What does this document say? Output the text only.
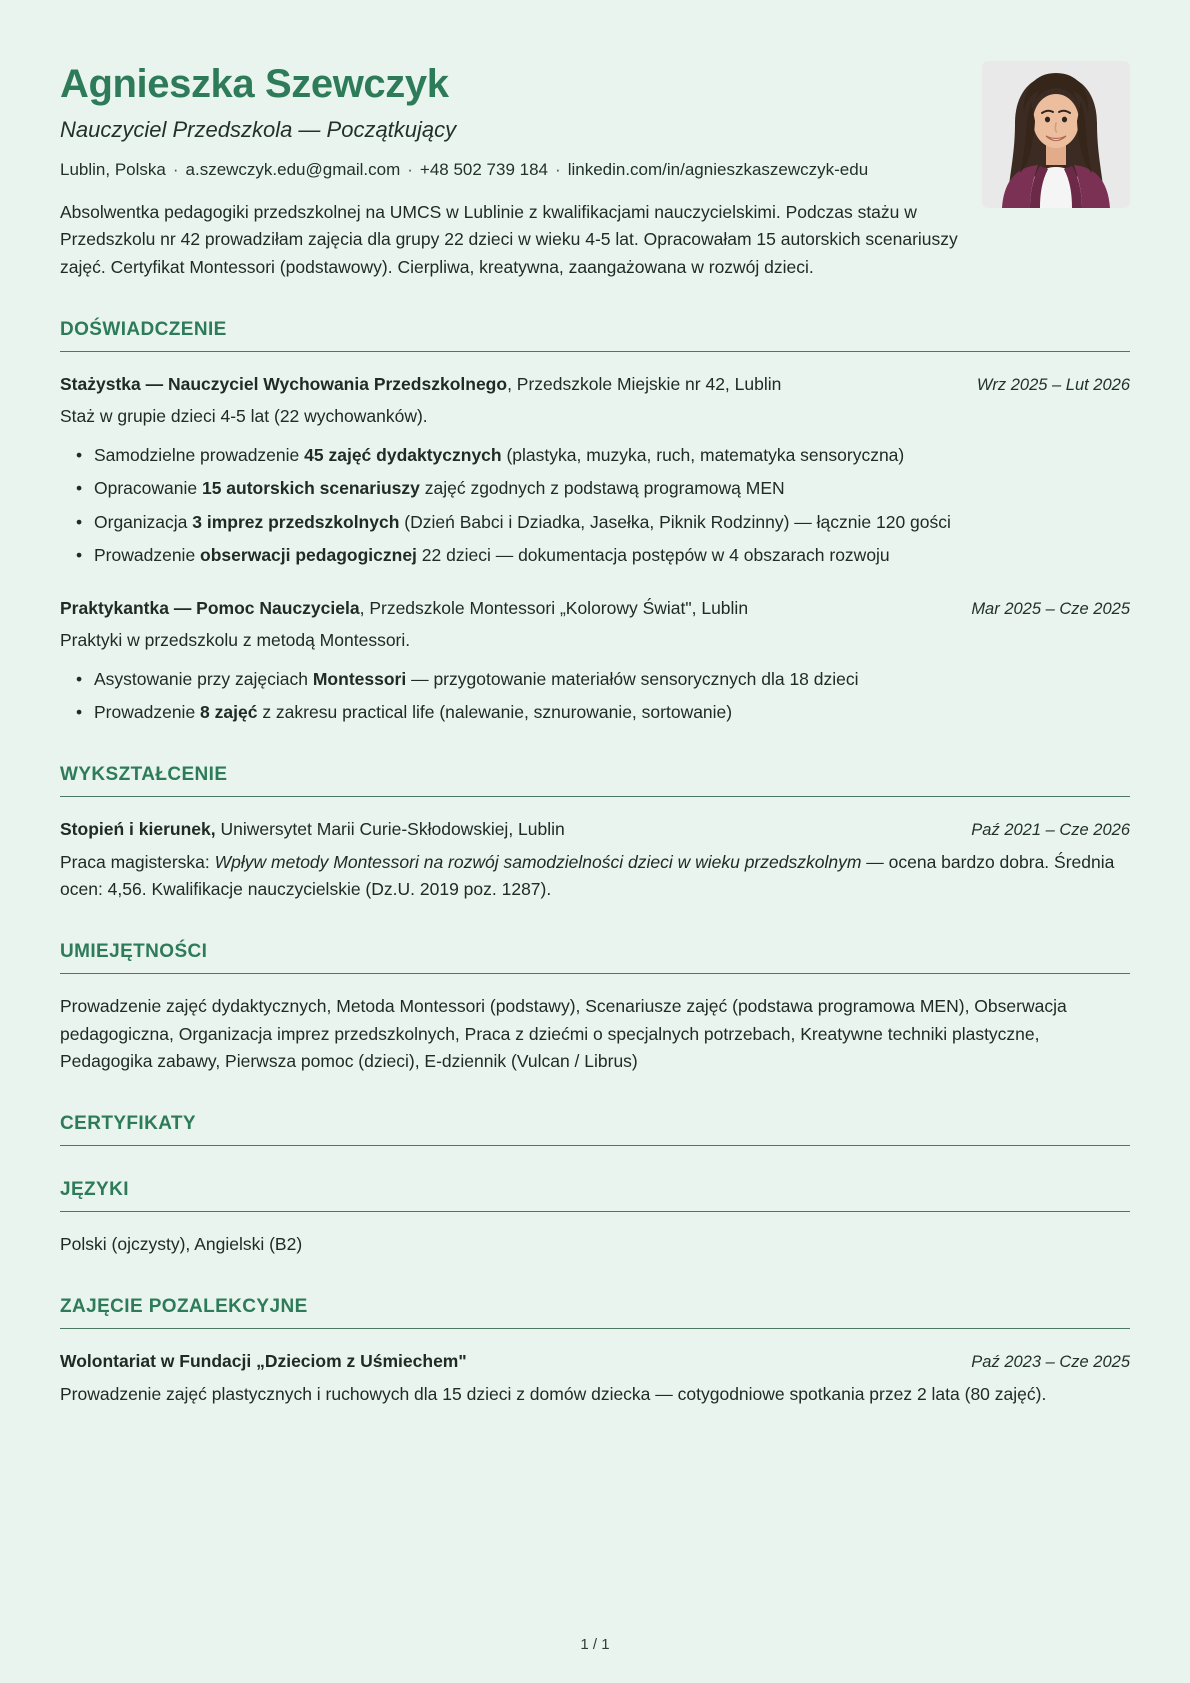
Agnieszka Szewczyk

Nauczyciel Przedszkola — Początkujący

Lublin, Polska · a.szewczyk.edu@gmail.com · +48 502 739 184 · linkedin.com/in/agnieszkaszewczyk-edu

Absolwentka pedagogiki przedszkolnej na UMCS w Lublinie z kwalifikacjami nauczycielskimi. Podczas stażu w Przedszkolu nr 42 prowadziłam zajęcia dla grupy 22 dzieci w wieku 4-5 lat. Opracowałam 15 autorskich scenariuszy zajęć. Certyfikat Montessori (podstawowy). Cierpliwa, kreatywna, zaangażowana w rozwój dzieci.

DOŚWIADCZENIE

Stażystka — Nauczyciel Wychowania Przedszkolnego, Przedszkole Miejskie nr 42, Lublin	Wrz 2025 – Lut 2026

Staż w grupie dzieci 4-5 lat (22 wychowanków).

• Samodzielne prowadzenie 45 zajęć dydaktycznych (plastyka, muzyka, ruch, matematyka sensoryczna)
• Opracowanie 15 autorskich scenariuszy zajęć zgodnych z podstawą programową MEN
• Organizacja 3 imprez przedszkolnych (Dzień Babci i Dziadka, Jasełka, Piknik Rodzinny) — łącznie 120 gości
• Prowadzenie obserwacji pedagogicznej 22 dzieci — dokumentacja postępów w 4 obszarach rozwoju

Praktykantka — Pomoc Nauczyciela, Przedszkole Montessori „Kolorowy Świat", Lublin	Mar 2025 – Cze 2025

Praktyki w przedszkolu z metodą Montessori.

• Asystowanie przy zajęciach Montessori — przygotowanie materiałów sensorycznych dla 18 dzieci
• Prowadzenie 8 zajęć z zakresu practical life (nalewanie, sznurowanie, sortowanie)
WYKSZTAŁCENIE

Stopień i kierunek, Uniwersytet Marii Curie-Skłodowskiej, Lublin	Paź 2021 – Cze 2026

Praca magisterska: Wpływ metody Montessori na rozwój samodzielności dzieci w wieku przedszkolnym — ocena bardzo dobra. Średnia ocen: 4,56. Kwalifikacje nauczycielskie (Dz.U. 2019 poz. 1287).

UMIEJĘTNOŚCI

Prowadzenie zajęć dydaktycznych, Metoda Montessori (podstawy), Scenariusze zajęć (podstawa programowa MEN), Obserwacja pedagogiczna, Organizacja imprez przedszkolnych, Praca z dziećmi o specjalnych potrzebach, Kreatywne techniki plastyczne, Pedagogika zabawy, Pierwsza pomoc (dzieci), E-dziennik (Vulcan / Librus)

CERTYFIKATY
JĘZYKI

Polski (ojczysty), Angielski (B2)

ZAJĘCIE POZALEKCYJNE

Wolontariat w Fundacji „Dzieciom z Uśmiechem"	Paź 2023 – Cze 2025

Prowadzenie zajęć plastycznych i ruchowych dla 15 dzieci z domów dziecka — cotygodniowe spotkania przez 2 lata (80 zajęć).

1 / 1
